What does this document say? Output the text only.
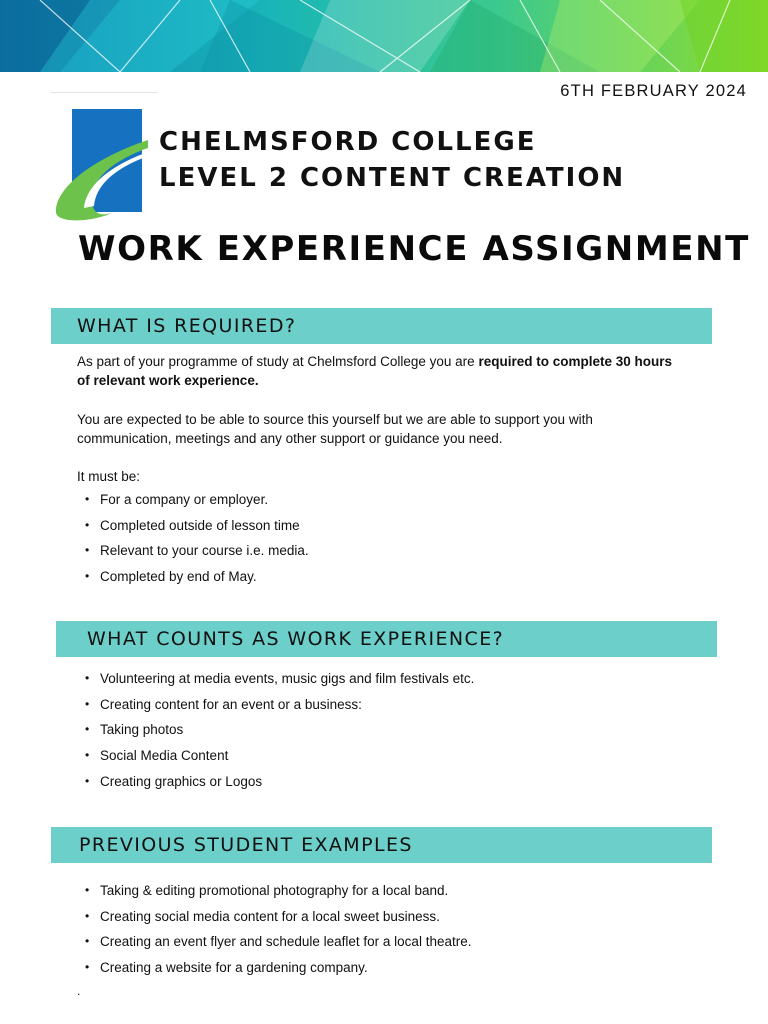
6TH FEBRUARY 2024
CHELMSFORD COLLEGE
LEVEL 2 CONTENT CREATION
WORK EXPERIENCE ASSIGNMENT
WHAT IS REQUIRED?
As part of your programme of study at Chelmsford College you are required to complete 30 hours of relevant work experience.
You are expected to be able to source this yourself but we are able to support you with communication, meetings and any other support or guidance you need.
It must be:
• For a company or employer.
• Completed outside of lesson time
• Relevant to your course i.e. media.
• Completed by end of May.
WHAT COUNTS AS WORK EXPERIENCE?
• Volunteering at media events, music gigs and film festivals etc.
• Creating content for an event or a business:
• Taking photos
• Social Media Content
• Creating graphics or Logos
PREVIOUS STUDENT EXAMPLES
• Taking & editing promotional photography for a local band.
• Creating social media content for a local sweet business.
• Creating an event flyer and schedule leaflet for a local theatre.
• Creating a website for a gardening company.
.
